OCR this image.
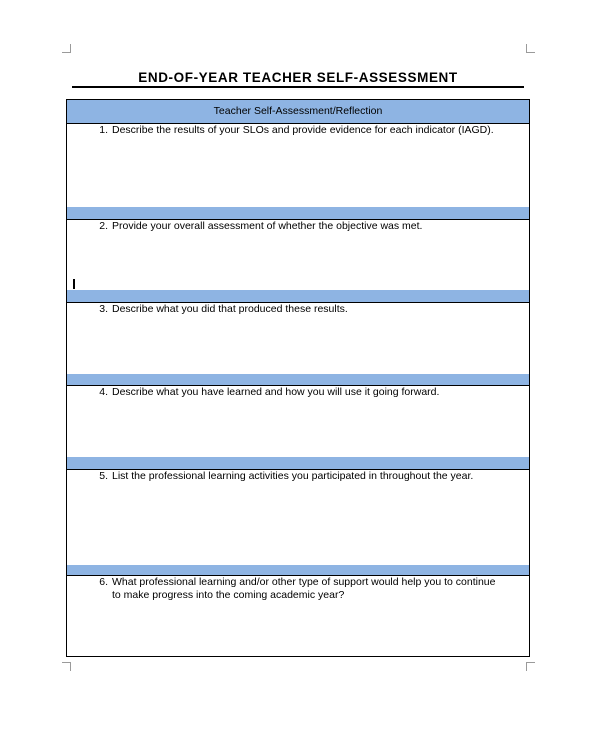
END-OF-YEAR TEACHER SELF-ASSESSMENT
Teacher Self-Assessment/Reflection
1. Describe the results of your SLOs and provide evidence for each indicator (IAGD).
2. Provide your overall assessment of whether the objective was met.
3. Describe what you did that produced these results.
4. Describe what you have learned and how you will use it going forward.
5. List the professional learning activities you participated in throughout the year.
6. What professional learning and/or other type of support would help you to continue to make progress into the coming academic year?
